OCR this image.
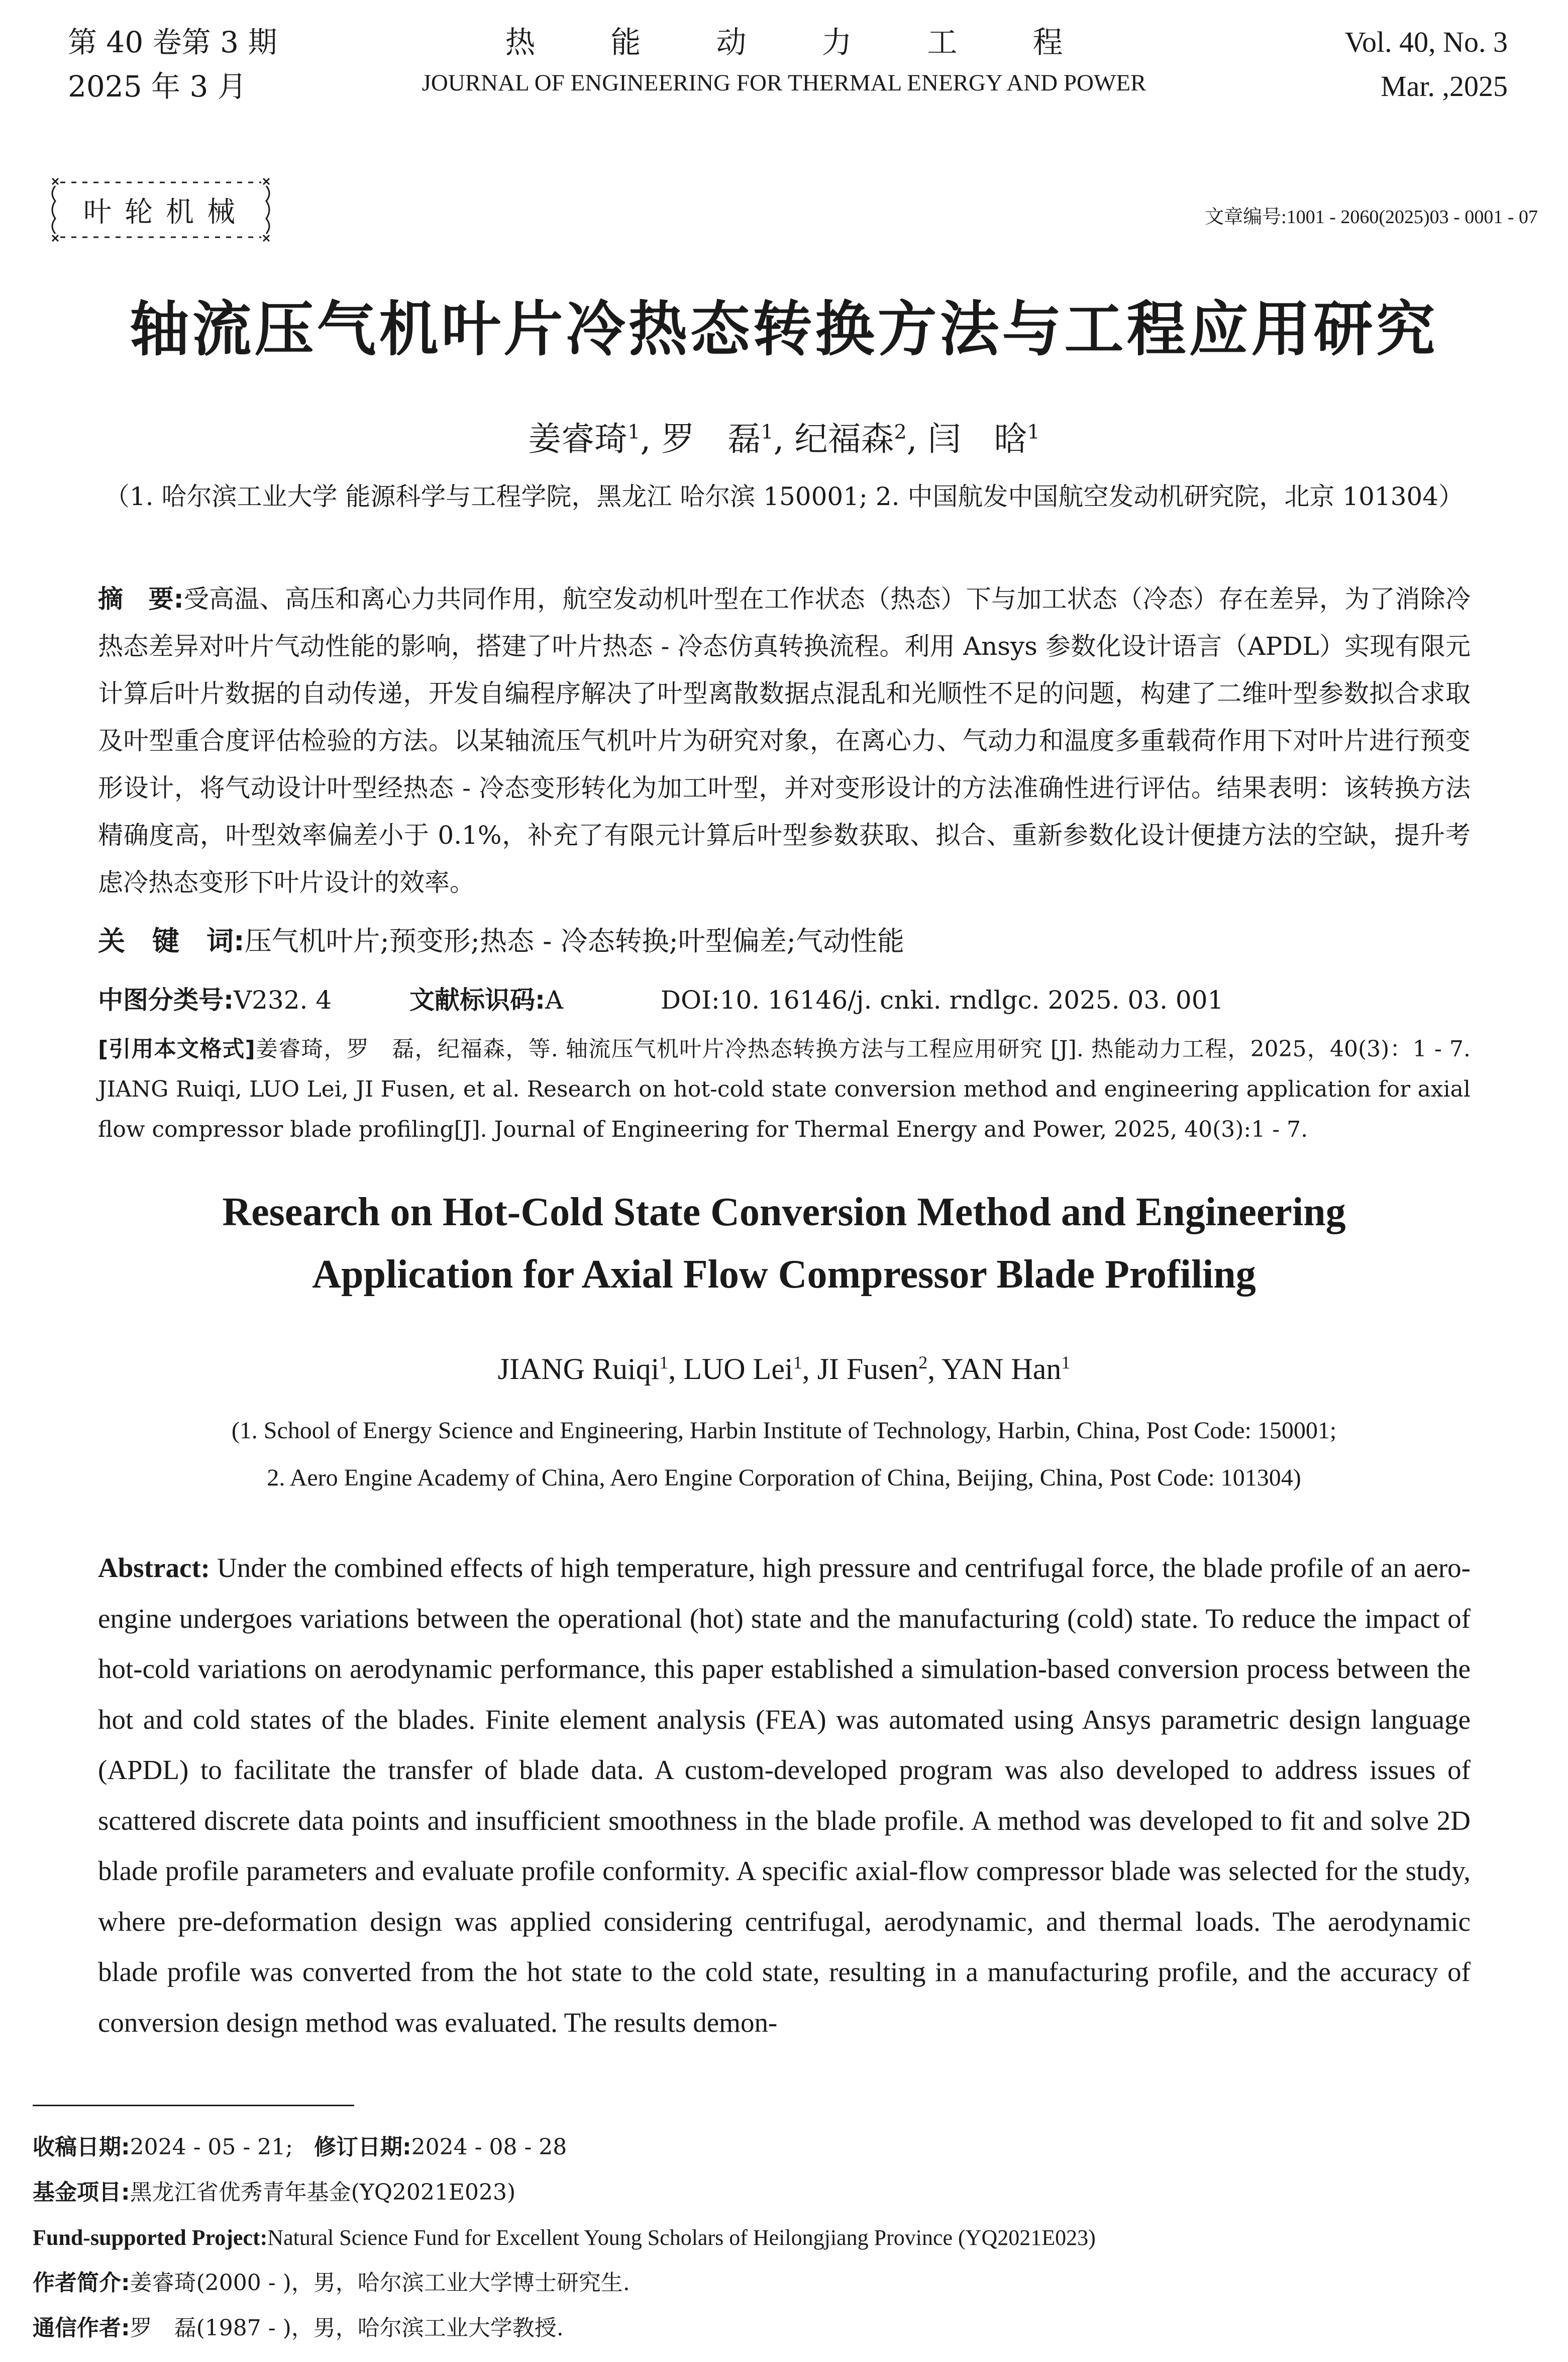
第 40 卷第 3 期
2025 年 3 月
热能动力工程
JOURNAL OF ENGINEERING FOR THERMAL ENERGY AND POWER
Vol. 40, No. 3
Mar. ,2025
叶轮机械	文章编号:1001 - 2060(2025)03 - 0001 - 07
轴流压气机叶片冷热态转换方法与工程应用研究
姜睿琦$^1$, 罗　磊$^1$, 纪福森$^2$, 闫　晗$^1$
（1. 哈尔滨工业大学 能源科学与工程学院，黑龙江 哈尔滨 150001; 2. 中国航发中国航空发动机研究院，北京 101304）
摘　要:受高温、高压和离心力共同作用，航空发动机叶型在工作状态（热态）下与加工状态（冷态）存在差异，为了消除冷热态差异对叶片气动性能的影响，搭建了叶片热态 - 冷态仿真转换流程。利用 Ansys 参数化设计语言（APDL）实现有限元计算后叶片数据的自动传递，开发自编程序解决了叶型离散数据点混乱和光顺性不足的问题，构建了二维叶型参数拟合求取及叶型重合度评估检验的方法。以某轴流压气机叶片为研究对象，在离心力、气动力和温度多重载荷作用下对叶片进行预变形设计，将气动设计叶型经热态 - 冷态变形转化为加工叶型，并对变形设计的方法准确性进行评估。结果表明：该转换方法精确度高，叶型效率偏差小于 0.1%，补充了有限元计算后叶型参数获取、拟合、重新参数化设计便捷方法的空缺，提升考虑冷热态变形下叶片设计的效率。
关　键　词:压气机叶片;预变形;热态 - 冷态转换;叶型偏差;气动性能
中图分类号:V232. 4	文献标识码:A	DOI:10. 16146/j. cnki. rndlgc. 2025. 03. 001
[引用本文格式]姜睿琦，罗　磊，纪福森，等. 轴流压气机叶片冷热态转换方法与工程应用研究 [J]. 热能动力工程，2025，40(3)：1 - 7. JIANG Ruiqi, LUO Lei, JI Fusen, et al. Research on hot-cold state conversion method and engineering application for axial flow compressor blade profiling[J]. Journal of Engineering for Thermal Energy and Power, 2025, 40(3):1 - 7.
Research on Hot-Cold State Conversion Method and Engineering
Application for Axial Flow Compressor Blade Profiling
JIANG Ruiqi$^1$, LUO Lei$^1$, JI Fusen$^2$, YAN Han$^1$
(1. School of Energy Science and Engineering, Harbin Institute of Technology, Harbin, China, Post Code: 150001;
2. Aero Engine Academy of China, Aero Engine Corporation of China, Beijing, China, Post Code: 101304)
Abstract: Under the combined effects of high temperature, high pressure and centrifugal force, the blade profile of an aero-engine undergoes variations between the operational (hot) state and the manufacturing (cold) state. To reduce the impact of hot-cold variations on aerodynamic performance, this paper established a simulation-based conversion process between the hot and cold states of the blades. Finite element analysis (FEA) was automated using Ansys parametric design language (APDL) to facilitate the transfer of blade data. A custom-developed program was also developed to address issues of scattered discrete data points and insufficient smoothness in the blade profile. A method was developed to fit and solve 2D blade profile parameters and evaluate profile conformity. A specific axial-flow compressor blade was selected for the study, where pre-deformation design was applied considering centrifugal, aerodynamic, and thermal loads. The aerodynamic blade profile was converted from the hot state to the cold state, resulting in a manufacturing profile, and the accuracy of conversion design method was evaluated. The results demon-
收稿日期:2024 - 05 - 21; 修订日期:2024 - 08 - 28
基金项目:黑龙江省优秀青年基金(YQ2021E023)
Fund-supported Project:Natural Science Fund for Excellent Young Scholars of Heilongjiang Province (YQ2021E023)
作者简介:姜睿琦(2000 - )，男，哈尔滨工业大学博士研究生.
通信作者:罗　磊(1987 - )，男，哈尔滨工业大学教授.
